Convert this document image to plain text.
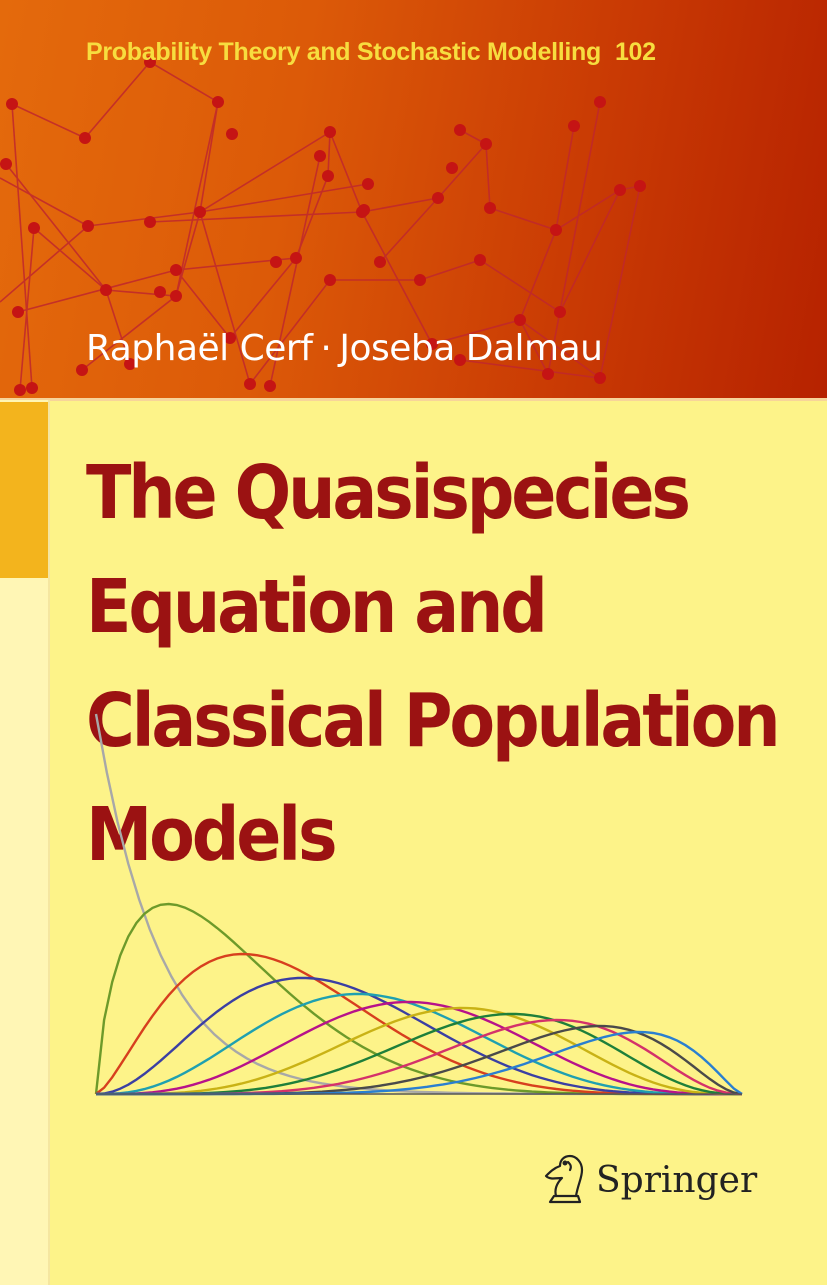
Probability Theory and Stochastic Modelling 102

Raphaël Cerf · Joseba Dalmau

The Quasispecies
Equation and
Classical Population
Models
Springer
